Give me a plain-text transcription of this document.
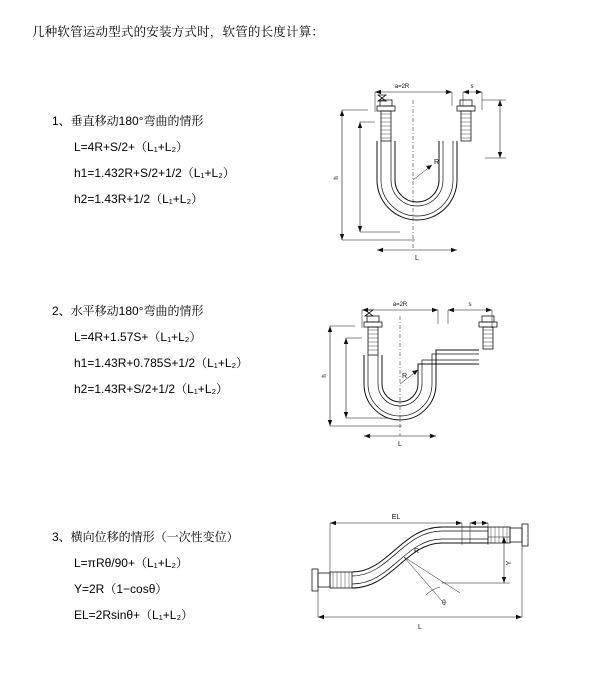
几种软管运动型式的安装方式时，软管的长度计算：
1、垂直移动180°弯曲的情形
L=4R+S/2+（L₁+L₂）
h1=1.432R+S/2+1/2（L₁+L₂）
h2=1.43R+1/2（L₁+L₂）
a=2R	s
h
R
L
2、水平移动180°弯曲的情形
L=4R+1.57S+（L₁+L₂）
h1=1.43R+0.785S+1/2（L₁+L₂）
h2=1.43R+S/2+1/2（L₁+L₂）
a=2R	s
h	R
L
3、横向位移的情形（一次性变位）
L=πRθ/90+（L₁+L₂）
Y=2R（1−cosθ）
EL=2Rsinθ+（L₁+L₂）
EL
Y
θ
R
L
